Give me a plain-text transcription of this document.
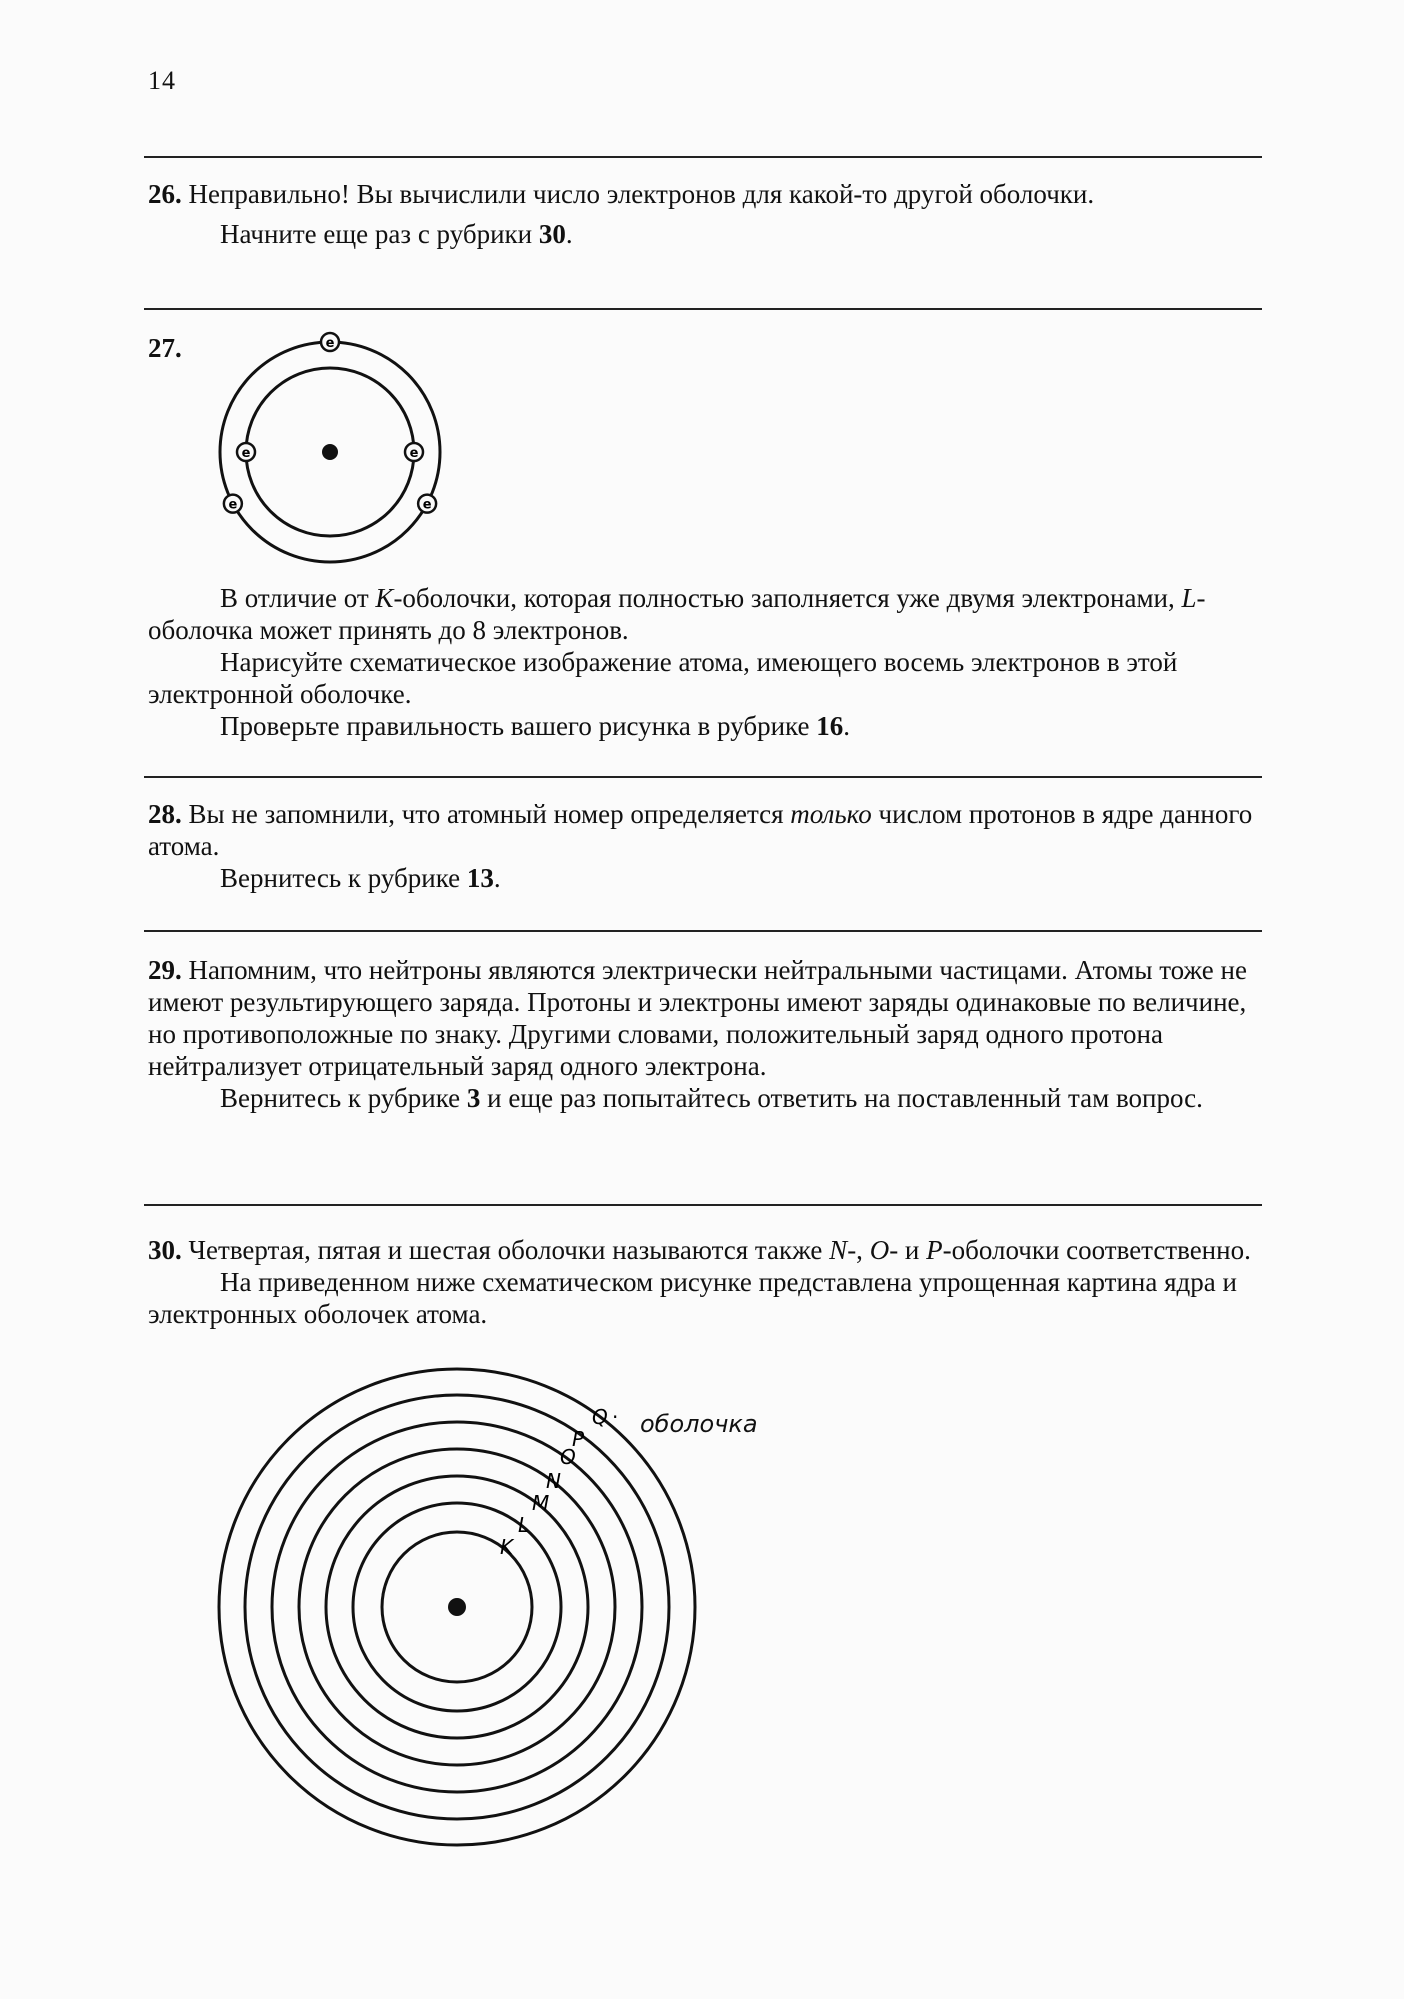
14

26. Неправильно! Вы вычислили число электронов для какой-то другой оболочки.

Начните еще раз с рубрики 30.

27.	e
e	e
e	e

В отличие от K-оболочки, которая полностью заполняется уже двумя электронами, L-оболочка может принять до 8 электронов.

Нарисуйте схематическое изображение атома, имеющего восемь электронов в этой электронной оболочке.

Проверьте правильность вашего рисунка в рубрике 16.

28. Вы не запомнили, что атомный номер определяется только числом протонов в ядре данного атома.

Вернитесь к рубрике 13.

29. Напомним, что нейтроны являются электрически нейтральными частицами. Атомы тоже не имеют результирующего заряда. Протоны и электроны имеют заряды одинаковые по величине, но противоположные по знаку. Другими словами, положительный заряд одного протона нейтрализует отрицательный заряд одного электрона.

Вернитесь к рубрике 3 и еще раз попытайтесь ответить на поставленный там вопрос.

30. Четвертая, пятая и шестая оболочки называются также N-, O- и P-оболочки соответственно.

На приведенном ниже схематическом рисунке представлена упрощенная картина ядра и электронных оболочек атома.

K
L
M
N
O
P
Q · оболочка
